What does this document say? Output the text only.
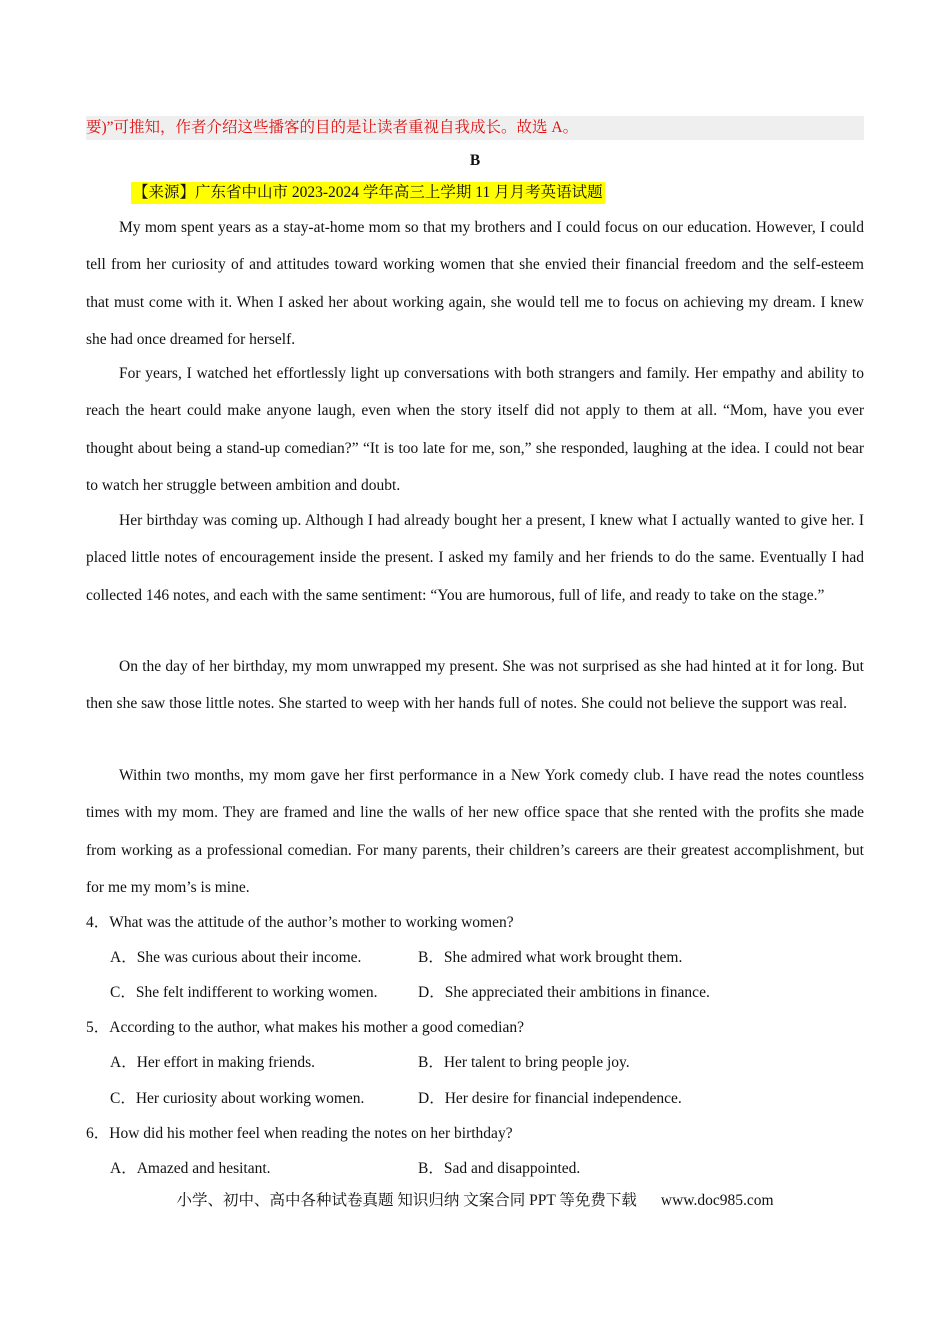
要)”可推知，作者介绍这些播客的目的是让读者重视自我成长。故选 A。
B
【来源】广东省中山市 2023-2024 学年高三上学期 11 月月考英语试题

My mom spent years as a stay-at-home mom so that my brothers and I could focus on our education. However, I could tell from her curiosity of and attitudes toward working women that she envied their financial freedom and the self-esteem that must come with it. When I asked her about working again, she would tell me to focus on achieving my dream. I knew she had once dreamed for herself.

For years, I watched het effortlessly light up conversations with both strangers and family. Her empathy and ability to reach the heart could make anyone laugh, even when the story itself did not apply to them at all. “Mom, have you ever thought about being a stand-up comedian?” “It is too late for me, son,” she responded, laughing at the idea. I could not bear to watch her struggle between ambition and doubt.

Her birthday was coming up. Although I had already bought her a present, I knew what I actually wanted to give her. I placed little notes of encouragement inside the present. I asked my family and her friends to do the same. Eventually I had collected 146 notes, and each with the same sentiment: “You are humorous, full of life, and ready to take on the stage.”

On the day of her birthday, my mom unwrapped my present. She was not surprised as she had hinted at it for long. But then she saw those little notes. She started to weep with her hands full of notes. She could not believe the support was real.

Within two months, my mom gave her first performance in a New York comedy club. I have read the notes countless times with my mom. They are framed and line the walls of her new office space that she rented with the profits she made from working as a professional comedian. For many parents, their children’s careers are their greatest accomplishment, but for me my mom’s is mine.

4．What was the attitude of the author’s mother to working women?
A．She was curious about their income.	B．She admired what work brought them.
C．She felt indifferent to working women.	D．She appreciated their ambitions in finance.
5．According to the author, what makes his mother a good comedian?
A．Her effort in making friends.	B．Her talent to bring people joy.
C．Her curiosity about working women.	D．Her desire for financial independence.
6．How did his mother feel when reading the notes on her birthday?
A．Amazed and hesitant.	B．Sad and disappointed.
小学、初中、高中各种试卷真题 知识归纳 文案合同 PPT 等免费下载 www.doc985.com
